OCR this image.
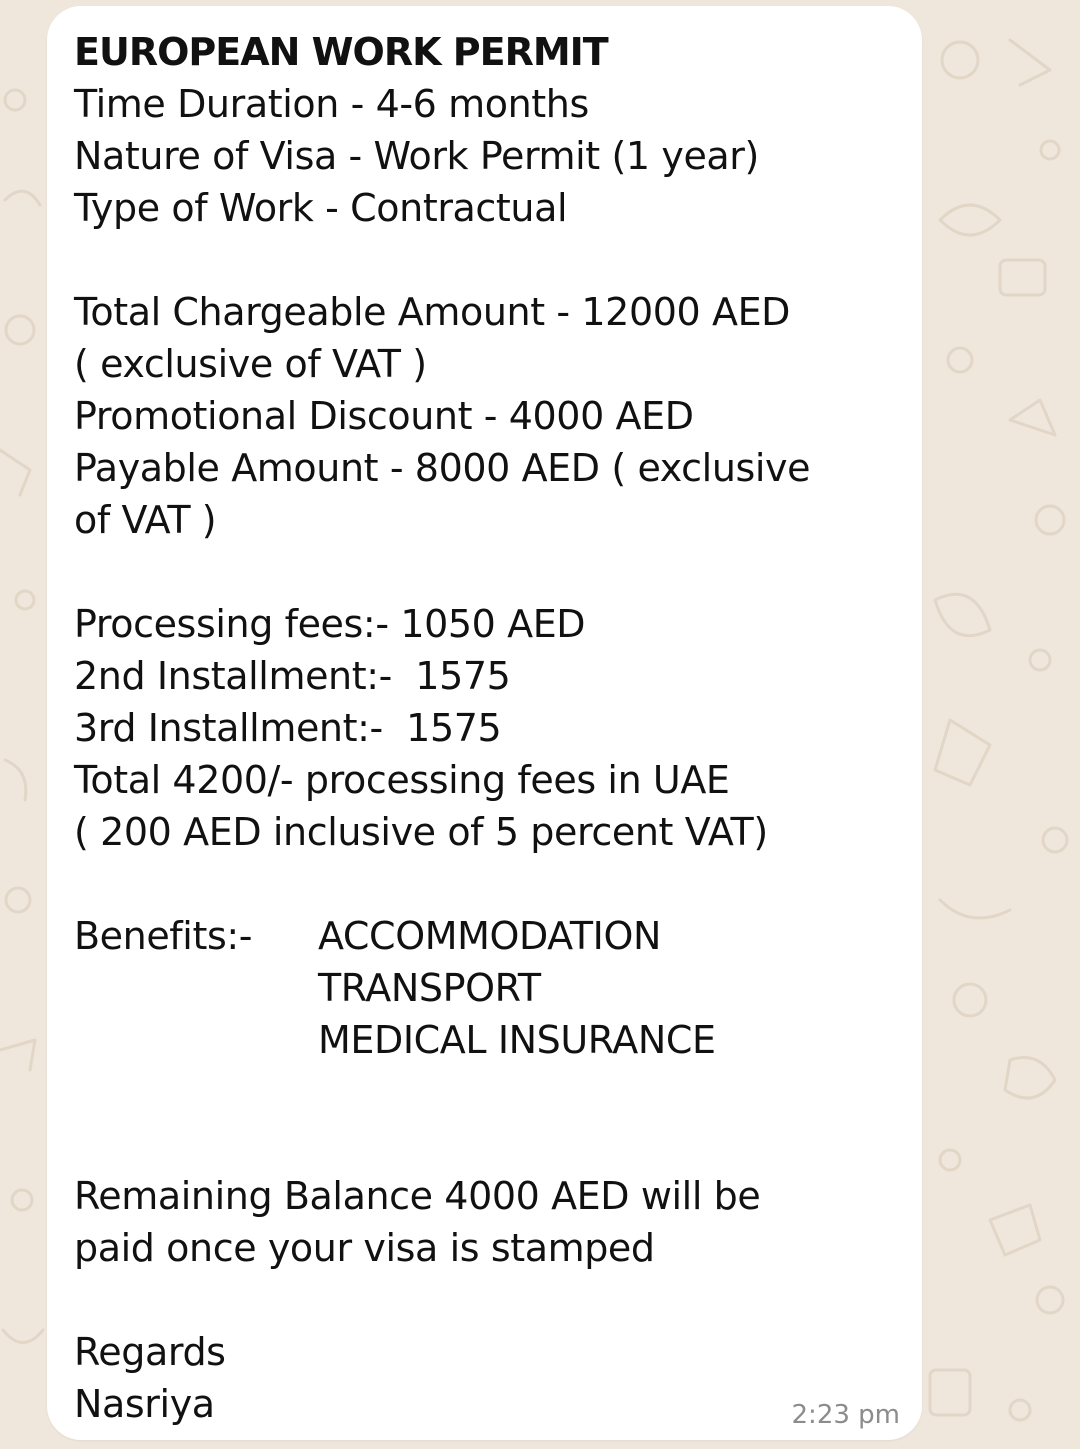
EUROPEAN WORK PERMIT
Time Duration - 4-6 months
Nature of Visa - Work Permit (1 year)
Type of Work - Contractual
Total Chargeable Amount - 12000 AED
( exclusive of VAT )
Promotional Discount - 4000 AED
Payable Amount - 8000 AED ( exclusive
of VAT )
Processing fees:- 1050 AED
2nd Installment:-  1575
3rd Installment:-  1575
Total 4200/- processing fees in UAE
( 200 AED inclusive of 5 percent VAT)
Benefits:- ACCOMMODATION
TRANSPORT
MEDICAL INSURANCE
Remaining Balance 4000 AED will be
paid once your visa is stamped
Regards
Nasriya	2:23 pm
